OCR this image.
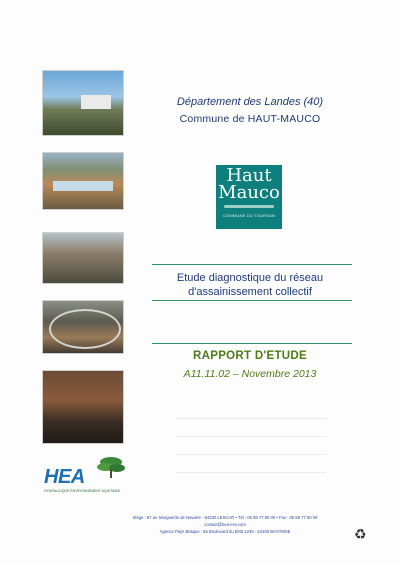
Département des Landes (40)
Commune de HAUT-MAUCO
Haut
Mauco
COMMUNE DU TOURSAN
Etude diagnostique du réseau
d'assainissement collectif
RAPPORT D'ETUDE
A11.11.02 – Novembre 2013
HEA
HYDRAULIQUE ENVIRONNEMENT AQUITAINE
Siège : 67 av. Marguerite de Navarre - 64230 LESCAR • Tél : 05 59 77 50 00 • Fax : 05 59 77 50 09
contact@hea-env.com
Agence Pays Basque : 65 Boulevard du BAB 1245 - 64100 BAYONNE	♻
